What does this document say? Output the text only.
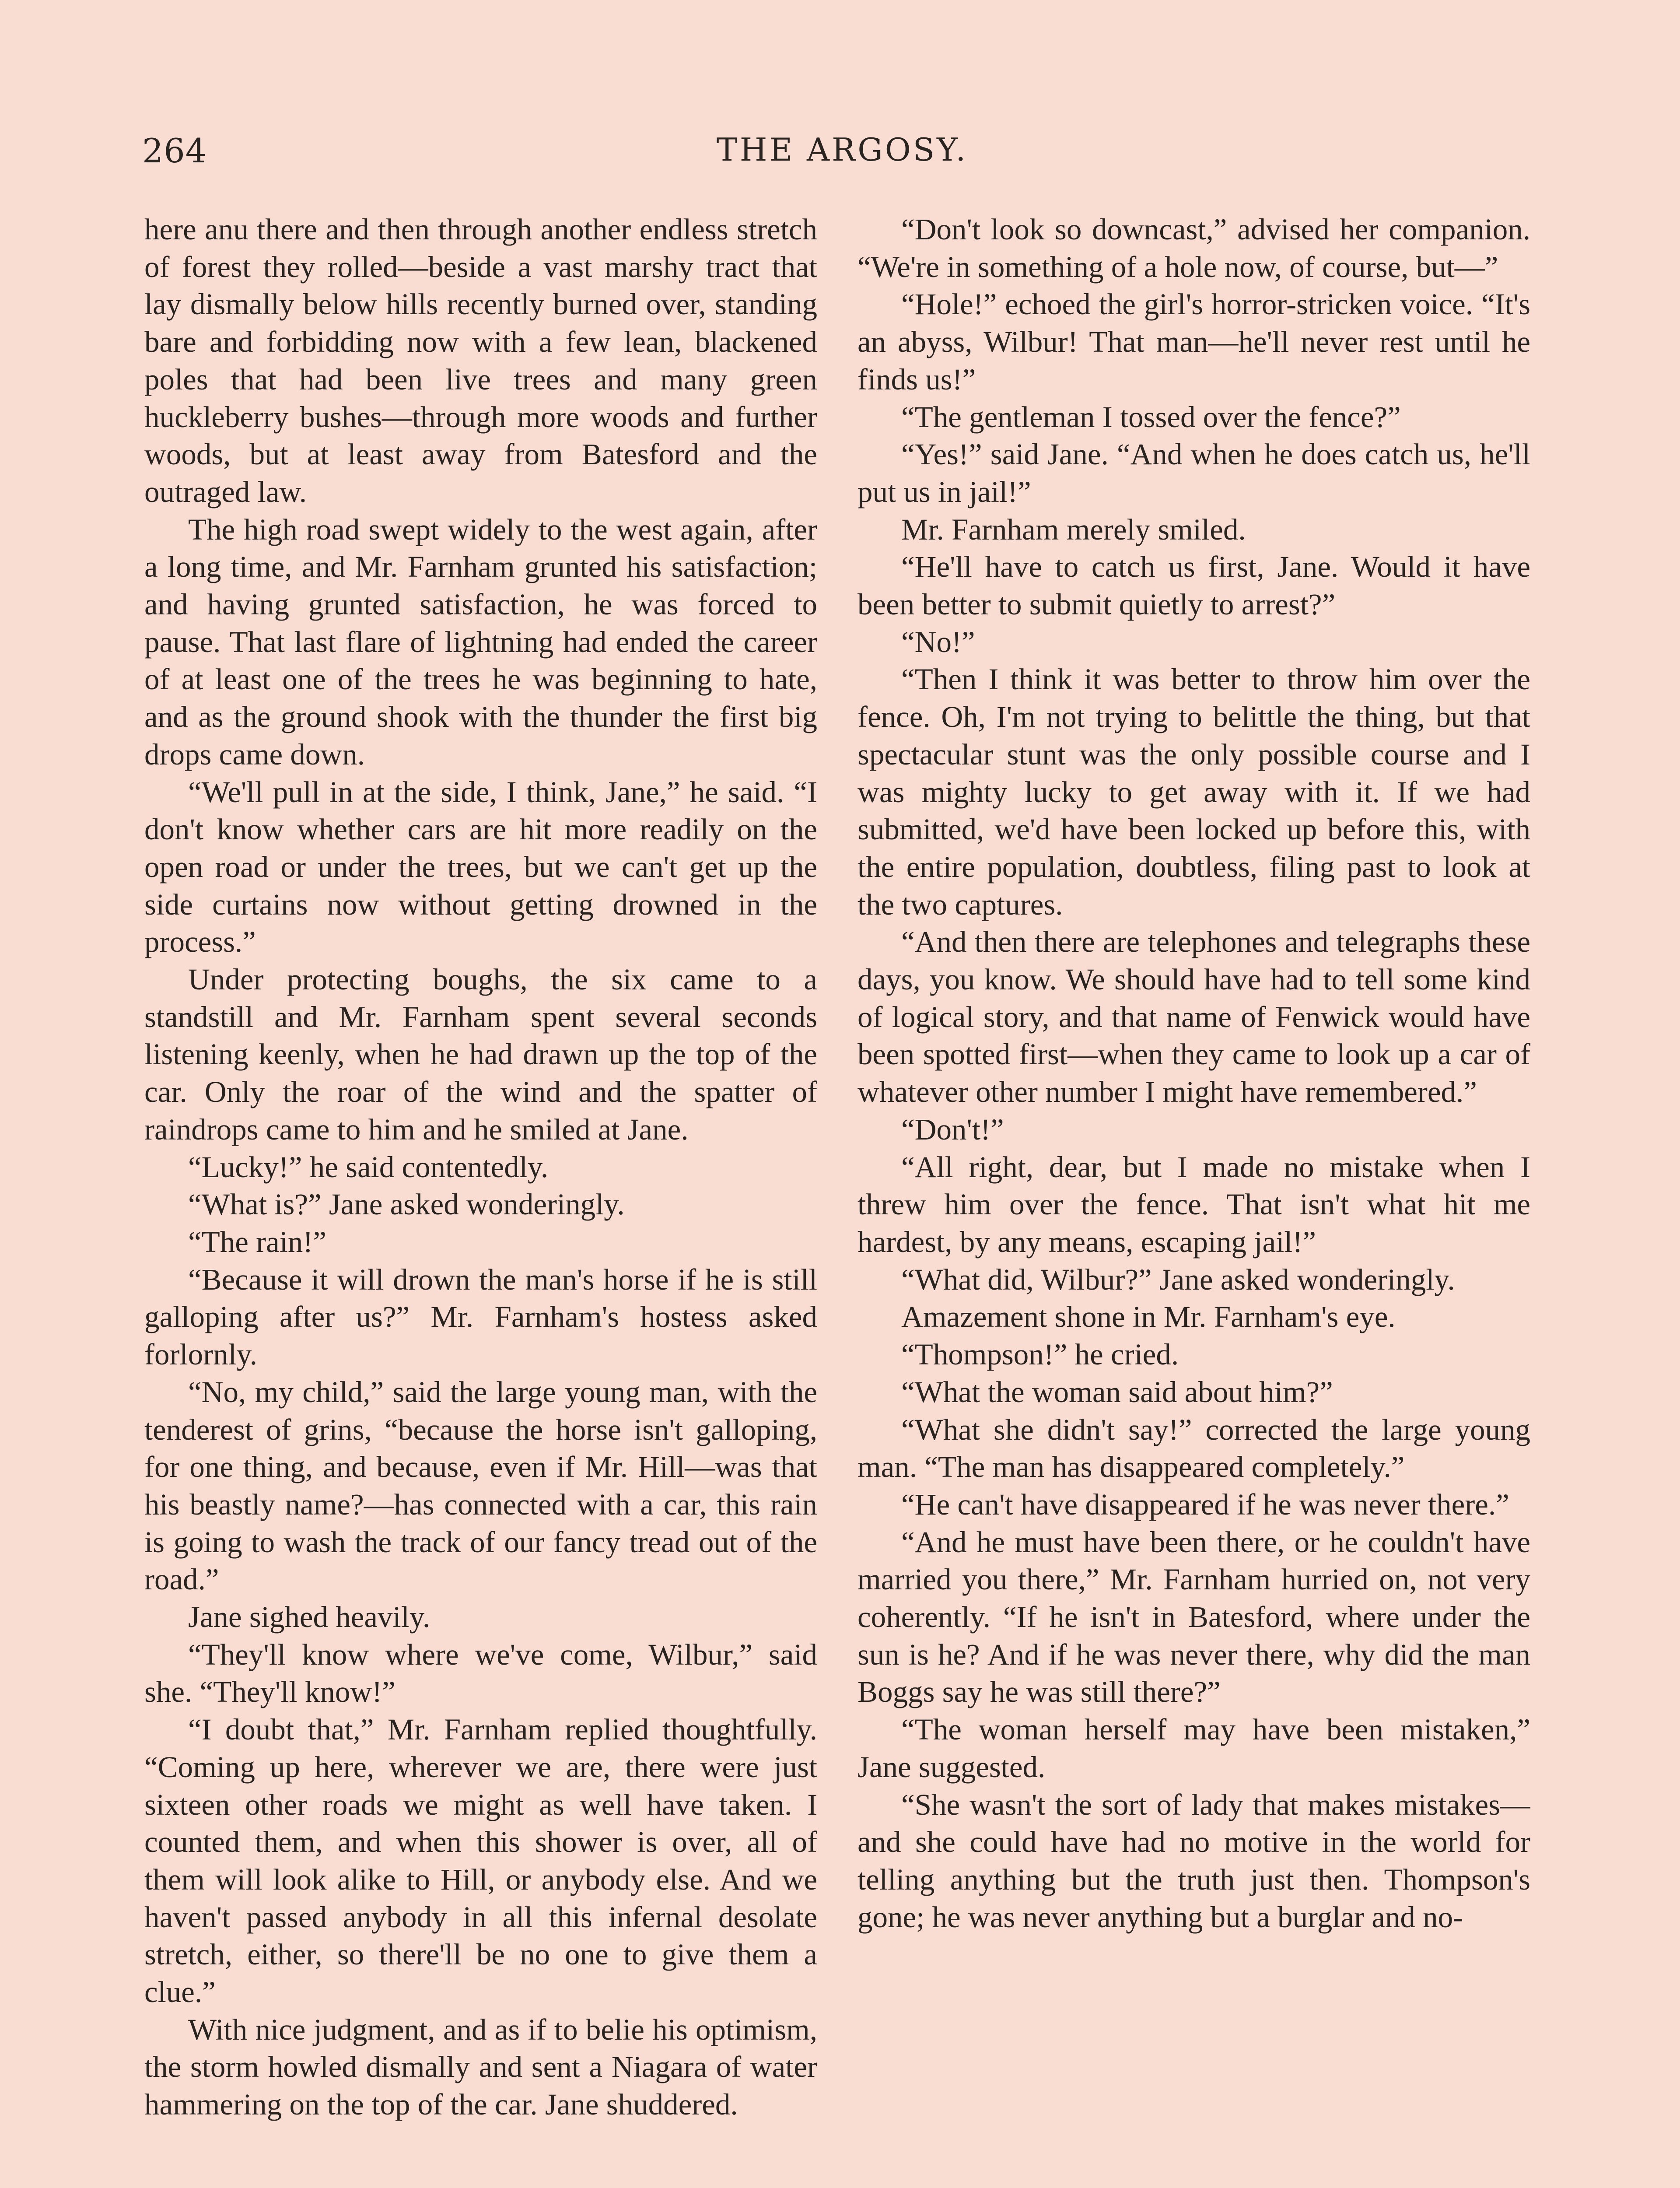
264	THE ARGOSY.

here anu there and then through another endless stretch of forest they rolled—beside a vast marshy tract that lay dismally below hills recently burned over, standing bare and forbidding now with a few lean, blackened poles that had been live trees and many green huckleberry bushes—through more woods and further woods, but at least away from Batesford and the outraged law.

The high road swept widely to the west again, after a long time, and Mr. Farnham grunted his satisfaction; and having grunted satisfaction, he was forced to pause. That last flare of lightning had ended the career of at least one of the trees he was beginning to hate, and as the ground shook with the thunder the first big drops came down.

“We'll pull in at the side, I think, Jane,” he said. “I don't know whether cars are hit more readily on the open road or under the trees, but we can't get up the side curtains now without getting drowned in the process.”

Under protecting boughs, the six came to a standstill and Mr. Farnham spent several seconds listening keenly, when he had drawn up the top of the car. Only the roar of the wind and the spatter of raindrops came to him and he smiled at Jane.

“Lucky!” he said contentedly.

“What is?” Jane asked wonderingly.

“The rain!”

“Because it will drown the man's horse if he is still galloping after us?” Mr. Farnham's hostess asked forlornly.

“No, my child,” said the large young man, with the tenderest of grins, “because the horse isn't galloping, for one thing, and because, even if Mr. Hill—was that his beastly name?—has connected with a car, this rain is going to wash the track of our fancy tread out of the road.”

Jane sighed heavily.

“They'll know where we've come, Wilbur,” said she. “They'll know!”

“I doubt that,” Mr. Farnham replied thoughtfully. “Coming up here, wherever we are, there were just sixteen other roads we might as well have taken. I counted them, and when this shower is over, all of them will look alike to Hill, or anybody else. And we haven't passed anybody in all this infernal desolate stretch, either, so there'll be no one to give them a clue.”

With nice judgment, and as if to belie his optimism, the storm howled dismally and sent a Niagara of water hammering on the top of the car. Jane shuddered.

“Don't look so downcast,” advised her companion. “We're in something of a hole now, of course, but—”

“Hole!” echoed the girl's horror-stricken voice. “It's an abyss, Wilbur! That man—he'll never rest until he finds us!”

“The gentleman I tossed over the fence?”

“Yes!” said Jane. “And when he does catch us, he'll put us in jail!”

Mr. Farnham merely smiled.

“He'll have to catch us first, Jane. Would it have been better to submit quietly to arrest?”

“No!”

“Then I think it was better to throw him over the fence. Oh, I'm not trying to belittle the thing, but that spectacular stunt was the only possible course and I was mighty lucky to get away with it. If we had submitted, we'd have been locked up before this, with the entire population, doubtless, filing past to look at the two captures.

“And then there are telephones and telegraphs these days, you know. We should have had to tell some kind of logical story, and that name of Fenwick would have been spotted first—when they came to look up a car of whatever other number I might have remembered.”

“Don't!”

“All right, dear, but I made no mistake when I threw him over the fence. That isn't what hit me hardest, by any means, escaping jail!”

“What did, Wilbur?” Jane asked wonderingly.

Amazement shone in Mr. Farnham's eye.

“Thompson!” he cried.

“What the woman said about him?”

“What she didn't say!” corrected the large young man. “The man has disappeared completely.”

“He can't have disappeared if he was never there.”

“And he must have been there, or he couldn't have married you there,” Mr. Farnham hurried on, not very coherently. “If he isn't in Batesford, where under the sun is he? And if he was never there, why did the man Boggs say he was still there?”

“The woman herself may have been mistaken,” Jane suggested.

“She wasn't the sort of lady that makes mistakes—and she could have had no motive in the world for telling anything but the truth just then. Thompson's gone; he was never anything but a burglar and no-
